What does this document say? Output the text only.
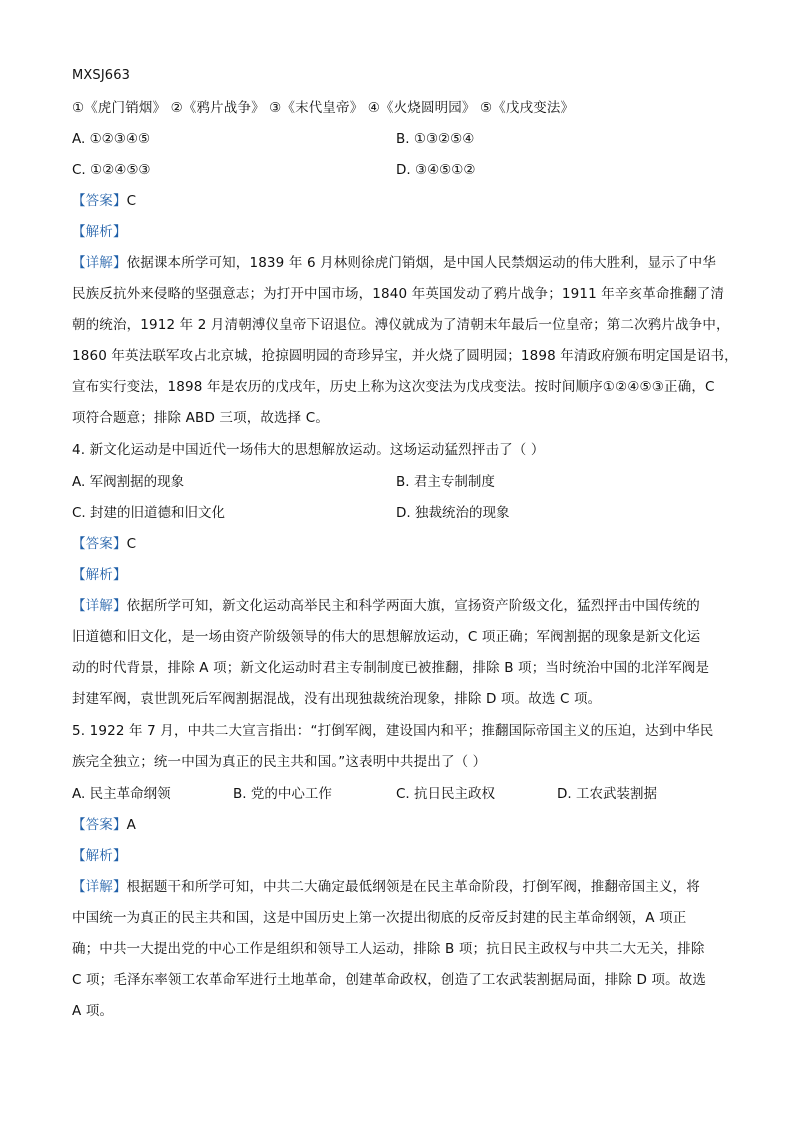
MXSJ663
①《虎门销烟》 ②《鸦片战争》 ③《末代皇帝》 ④《火烧圆明园》 ⑤《戊戌变法》
A. ①②③④⑤	B. ①③②⑤④
C. ①②④⑤③	D. ③④⑤①②
【答案】C
【解析】
【详解】依据课本所学可知，1839 年 6 月林则徐虎门销烟，是中国人民禁烟运动的伟大胜利，显示了中华
民族反抗外来侵略的坚强意志；为打开中国市场，1840 年英国发动了鸦片战争；1911 年辛亥革命推翻了清
朝的统治，1912 年 2 月清朝溥仪皇帝下诏退位。溥仪就成为了清朝末年最后一位皇帝；第二次鸦片战争中，
1860 年英法联军攻占北京城，抢掠圆明园的奇珍异宝，并火烧了圆明园；1898 年清政府颁布明定国是诏书，
宣布实行变法，1898 年是农历的戊戌年，历史上称为这次变法为戊戌变法。按时间顺序①②④⑤③正确，C
项符合题意；排除 ABD 三项，故选择 C。
4. 新文化运动是中国近代一场伟大的思想解放运动。这场运动猛烈抨击了（ ）
A. 军阀割据的现象	B. 君主专制制度
C. 封建的旧道德和旧文化	D. 独裁统治的现象
【答案】C
【解析】
【详解】依据所学可知，新文化运动高举民主和科学两面大旗，宣扬资产阶级文化，猛烈抨击中国传统的
旧道德和旧文化，是一场由资产阶级领导的伟大的思想解放运动，C 项正确；军阀割据的现象是新文化运
动的时代背景，排除 A 项；新文化运动时君主专制制度已被推翻，排除 B 项；当时统治中国的北洋军阀是
封建军阀，袁世凯死后军阀割据混战，没有出现独裁统治现象，排除 D 项。故选 C 项。
5. 1922 年 7 月，中共二大宣言指出：“打倒军阀，建设国内和平；推翻国际帝国主义的压迫，达到中华民
族完全独立；统一中国为真正的民主共和国。”这表明中共提出了（ ）
A. 民主革命纲领	B. 党的中心工作	C. 抗日民主政权	D. 工农武装割据
【答案】A
【解析】
【详解】根据题干和所学可知，中共二大确定最低纲领是在民主革命阶段，打倒军阀，推翻帝国主义，将
中国统一为真正的民主共和国，这是中国历史上第一次提出彻底的反帝反封建的民主革命纲领，A 项正
确；中共一大提出党的中心工作是组织和领导工人运动，排除 B 项；抗日民主政权与中共二大无关，排除
C 项；毛泽东率领工农革命军进行土地革命，创建革命政权，创造了工农武装割据局面，排除 D 项。故选
A 项。
